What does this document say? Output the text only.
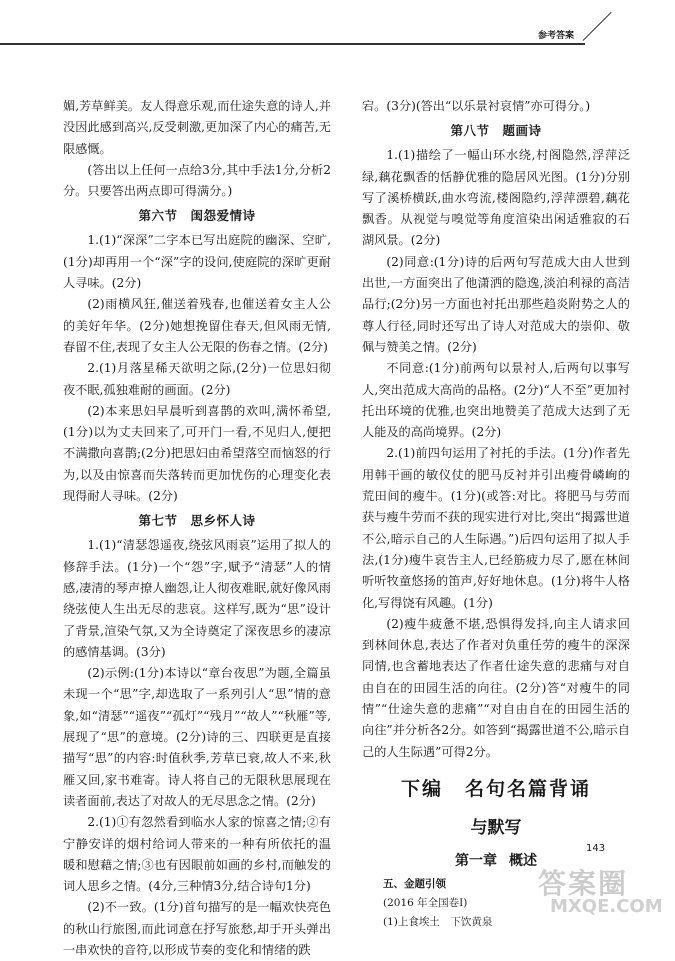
参考答案

媚,芳草鲜美。友人得意乐观,而仕途失意的诗人,并没因此感到高兴,反受刺激,更加深了内心的痛苦,无限感慨。

(答出以上任何一点给3分,其中手法1分,分析2分。只要答出两点即可得满分。)

第六节　闺怨爱情诗

1.(1)“深深”二字本已写出庭院的幽深、空旷,(1分)却再用一个“深”字的设问,使庭院的深旷更耐人寻味。(2分)

(2)雨横风狂,催送着残春,也催送着女主人公的美好年华。(2分)她想挽留住春天,但风雨无情,春留不住,表现了女主人公无限的伤春之情。(2分)

2.(1)月落星稀天欲明之际,(2分)一位思妇彻夜不眠,孤独难耐的画面。(2分)

(2)本来思妇早晨听到喜鹊的欢叫,满怀希望,(1分)以为丈夫回来了,可开门一看,不见归人,便把不满撒向喜鹊;(2分)把思妇由希望落空而恼怒的行为,以及由惊喜而失落转而更加忧伤的心理变化表现得耐人寻味。(2分)

第七节　思乡怀人诗

1.(1)“清瑟怨遥夜,绕弦风雨哀”运用了拟人的修辞手法。(1分)一个“怨”字,赋予“清瑟”人的情感,凄清的琴声撩人幽怨,让人彻夜难眠,就好像风雨绕弦使人生出无尽的悲哀。这样写,既为“思”设计了背景,渲染气氛,又为全诗奠定了深夜思乡的凄凉的感情基调。(3分)

(2)示例:(1分)本诗以“章台夜思”为题,全篇虽未现一个“思”字,却选取了一系列引人“思”情的意象,如“清瑟”“遥夜”“孤灯”“残月”“故人”“秋雁”等,展现了“思”的意境。(2分)诗的三、四联更是直接描写“思”的内容:时值秋季,芳草已衰,故人不来,秋雁又回,家书难寄。诗人将自己的无限秋思展现在读者面前,表达了对故人的无尽思念之情。(2分)

2.(1)①有忽然看到临水人家的惊喜之情;②有宁静安详的烟村给词人带来的一种有所依托的温暖和慰藉之情;③也有因眼前如画的乡村,而触发的词人思乡之情。(4分,三种情3分,结合诗句1分)

(2)不一致。(1分)首句描写的是一幅欢快亮色的秋山行旅图,而此词意在抒写旅愁,却于开头弹出一串欢快的音符,以形成节奏的变化和情绪的跌

宕。(3分)(答出“以乐景衬哀情”亦可得分。)

第八节　题画诗

1.(1)描绘了一幅山环水绕,村阁隐然,浮萍泛绿,藕花飘香的恬静优雅的隐居风光图。(1分)分别写了溪桥横跃,曲水弯流,楼阁隐约,浮萍漂碧,藕花飘香。从视觉与嗅觉等角度渲染出闲适雅寂的石湖风景。(2分)

(2)同意:(1分)诗的后两句写范成大由人世到出世,一方面突出了他潇洒的隐逸,淡泊利禄的高洁品行;(2分)另一方面也衬托出那些趋炎附势之人的尊人行径,同时还写出了诗人对范成大的崇仰、敬佩与赞美之情。(2分)

不同意:(1分)前两句以景衬人,后两句以事写人,突出范成大高尚的品格。(2分)“人不至”更加衬托出环境的优雅,也突出地赞美了范成大达到了无人能及的高尚境界。(2分)

2.(1)前四句运用了衬托的手法。(1分)作者先用韩干画的敏仪仗的肥马反衬并引出瘦骨嶙峋的荒田间的瘦牛。(1分)(或答:对比。将肥马与劳而获与瘦牛劳而不获的现实进行对比,突出“揭露世道不公,暗示自己的人生际遇。”)后四句运用了拟人手法,(1分)瘦牛哀告主人,已经筋疲力尽了,愿在林间听听牧童悠扬的笛声,好好地休息。(1分)将牛人格化,写得饶有风趣。(1分)

(2)瘦牛疲惫不堪,恐惧得发抖,向主人请求回到林间休息,表达了作者对负重任劳的瘦牛的深深同情,也含蓄地表达了作者仕途失意的悲痛与对自由自在的田园生活的向往。(2分)答“对瘦牛的同情”“仕途失意的悲痛”“对自由自在的田园生活的向往”并分析各2分。如答到“揭露世道不公,暗示自己的人生际遇”可得2分。

下编 名句名篇背诵
与默写
第一章 概述

五、金题引领

(2016 年全国卷Ⅰ)

(1)上食埃土　下饮黄泉

143
答案圈
MXQE.COM
